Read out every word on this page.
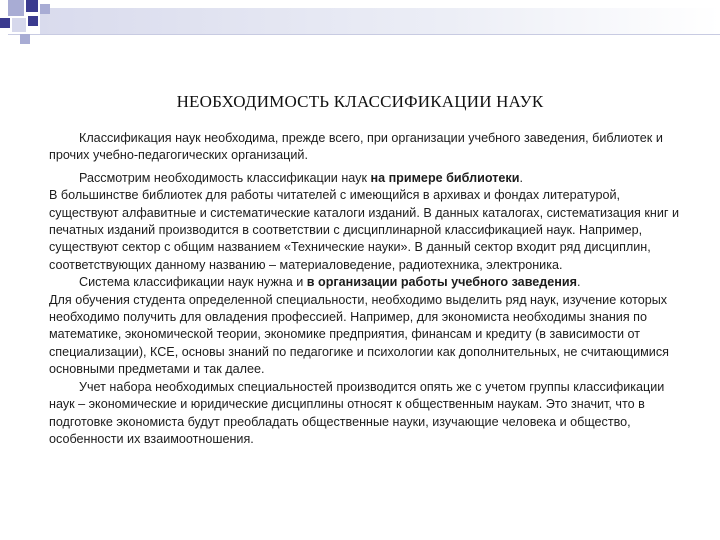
НЕОБХОДИМОСТЬ КЛАССИФИКАЦИИ НАУК

Классификация наук необходима, прежде всего, при организации учебного заведения, библиотек и прочих учебно-педагогических организаций.

Рассмотрим необходимость классификации наук на примере библиотеки.

В большинстве библиотек для работы читателей с имеющийся в архивах и фондах литературой, существуют алфавитные и систематические каталоги изданий. В данных каталогах, систематизация книг и печатных изданий производится в соответствии с дисциплинарной классификацией наук. Например, существуют сектор с общим названием «Технические науки». В данный сектор входит ряд дисциплин, соответствующих данному названию – материаловедение, радиотехника, электроника.

Система классификации наук нужна и в организации работы учебного заведения.

Для обучения студента определенной специальности, необходимо выделить ряд наук, изучение которых необходимо получить для овладения профессией. Например, для экономиста необходимы знания по математике, экономической теории, экономике предприятия, финансам и кредиту (в зависимости от специализации), КСЕ, основы знаний по педагогике и психологии как дополнительных, не считающимися основными предметами и так далее.

Учет набора необходимых специальностей производится опять же с учетом группы классификации наук – экономические и юридические дисциплины относят к общественным наукам. Это значит, что в подготовке экономиста будут преобладать общественные науки, изучающие человека и общество, особенности их взаимоотношения.
